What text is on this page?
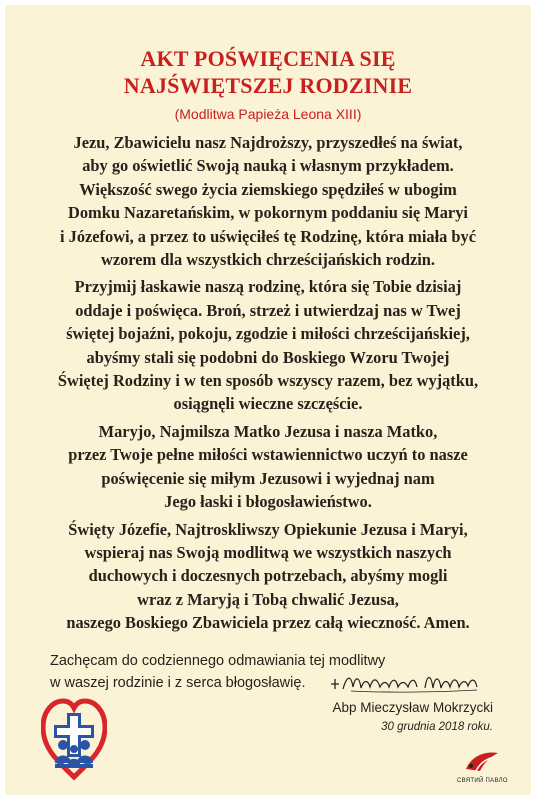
AKT POŚWIĘCENIA SIĘ
NAJŚWIĘTSZEJ RODZINIE
(Modlitwa Papieża Leona XIII)

Jezu, Zbawicielu nasz Najdroższy, przyszedłeś na świat,
aby go oświetlić Swoją nauką i własnym przykładem.
Większość swego życia ziemskiego spędziłeś w ubogim
Domku Nazaretańskim, w pokornym poddaniu się Maryi
i Józefowi, a przez to uświęciłeś tę Rodzinę, która miała być
wzorem dla wszystkich chrześcijańskich rodzin.

Przyjmij łaskawie naszą rodzinę, która się Tobie dzisiaj
oddaje i poświęca. Broń, strzeż i utwierdzaj nas w Twej
świętej bojaźni, pokoju, zgodzie i miłości chrześcijańskiej,
abyśmy stali się podobni do Boskiego Wzoru Twojej
Świętej Rodziny i w ten sposób wszyscy razem, bez wyjątku,
osiągnęli wieczne szczęście.

Maryjo, Najmilsza Matko Jezusa i nasza Matko,
przez Twoje pełne miłości wstawiennictwo uczyń to nasze
poświęcenie się miłym Jezusowi i wyjednaj nam
Jego łaski i błogosławieństwo.

Święty Józefie, Najtroskliwszy Opiekunie Jezusa i Maryi,
wspieraj nas Swoją modlitwą we wszystkich naszych
duchowych i doczesnych potrzebach, abyśmy mogli
wraz z Maryją i Tobą chwalić Jezusa,
naszego Boskiego Zbawiciela przez całą wieczność. Amen.

Zachęcam do codziennego odmawiania tej modlitwy
w waszej rodzinie i z serca błogosławię.
Abp Mieczysław Mokrzycki
30 grudnia 2018 roku.
СВЯТИЙ ПАВЛО
